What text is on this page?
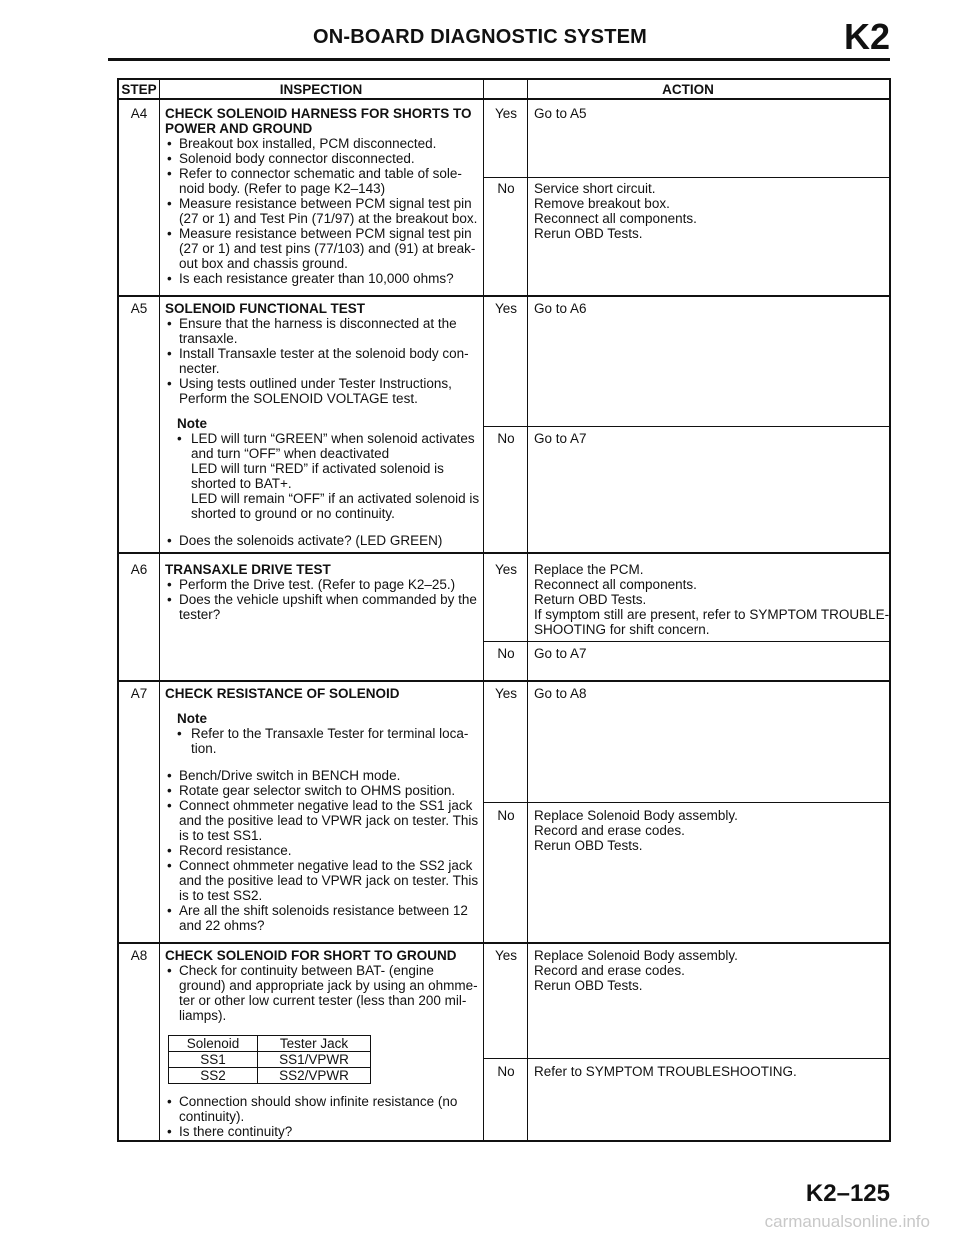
ON-BOARD DIAGNOSTIC SYSTEM	K2
STEP	INSPECTION	ACTION
A4	CHECK SOLENOID HARNESS FOR SHORTS TO POWER AND GROUND
• Breakout box installed, PCM disconnected.
• Solenoid body connector disconnected.
• Refer to connector schematic and table of sole-noid body. (Refer to page K2–143)
• Measure resistance between PCM signal test pin (27 or 1) and Test Pin (71/97) at the breakout box.
• Measure resistance between PCM signal test pin (27 or 1) and test pins (77/103) and (91) at break-out box and chassis ground.
• Is each resistance greater than 10,000 ohms?
Yes	Go to A5
No	Service short circuit.
Remove breakout box.
Reconnect all components.
Rerun OBD Tests.
A5	SOLENOID FUNCTIONAL TEST
• Ensure that the harness is disconnected at the transaxle.
• Install Transaxle tester at the solenoid body con-necter.
• Using tests outlined under Tester Instructions, Perform the SOLENOID VOLTAGE test.
Note
• LED will turn “GREEN” when solenoid activates and turn “OFF” when deactivated
LED will turn “RED” if activated solenoid is shorted to BAT+.
LED will remain “OFF” if an activated solenoid is shorted to ground or no continuity.
• Does the solenoids activate? (LED GREEN)
Yes	Go to A6
No	Go to A7
A6	TRANSAXLE DRIVE TEST
• Perform the Drive test. (Refer to page K2–25.)
• Does the vehicle upshift when commanded by the tester?
Yes	Replace the PCM.
Reconnect all components.
Return OBD Tests.
If symptom still are present, refer to SYMPTOM TROUBLE-
SHOOTING for shift concern.
No	Go to A7
A7	CHECK RESISTANCE OF SOLENOID
Note
• Refer to the Transaxle Tester for terminal loca-tion.
• Bench/Drive switch in BENCH mode.
• Rotate gear selector switch to OHMS position.
• Connect ohmmeter negative lead to the SS1 jack and the positive lead to VPWR jack on tester. This is to test SS1.
• Record resistance.
• Connect ohmmeter negative lead to the SS2 jack and the positive lead to VPWR jack on tester. This is to test SS2.
• Are all the shift solenoids resistance between 12 and 22 ohms?
Yes	Go to A8
No	Replace Solenoid Body assembly.
Record and erase codes.
Rerun OBD Tests.
A8	CHECK SOLENOID FOR SHORT TO GROUND
• Check for continuity between BAT- (engine ground) and appropriate jack by using an ohmme-ter or other low current tester (less than 200 mil-liamps).
Solenoid	Tester Jack
SS1	SS1/VPWR
SS2	SS2/VPWR
• Connection should show infinite resistance (no continuity).
• Is there continuity?
Yes	Replace Solenoid Body assembly.
Record and erase codes.
Rerun OBD Tests.
No	Refer to SYMPTOM TROUBLESHOOTING.
K2–125
carmanualsonline.info
